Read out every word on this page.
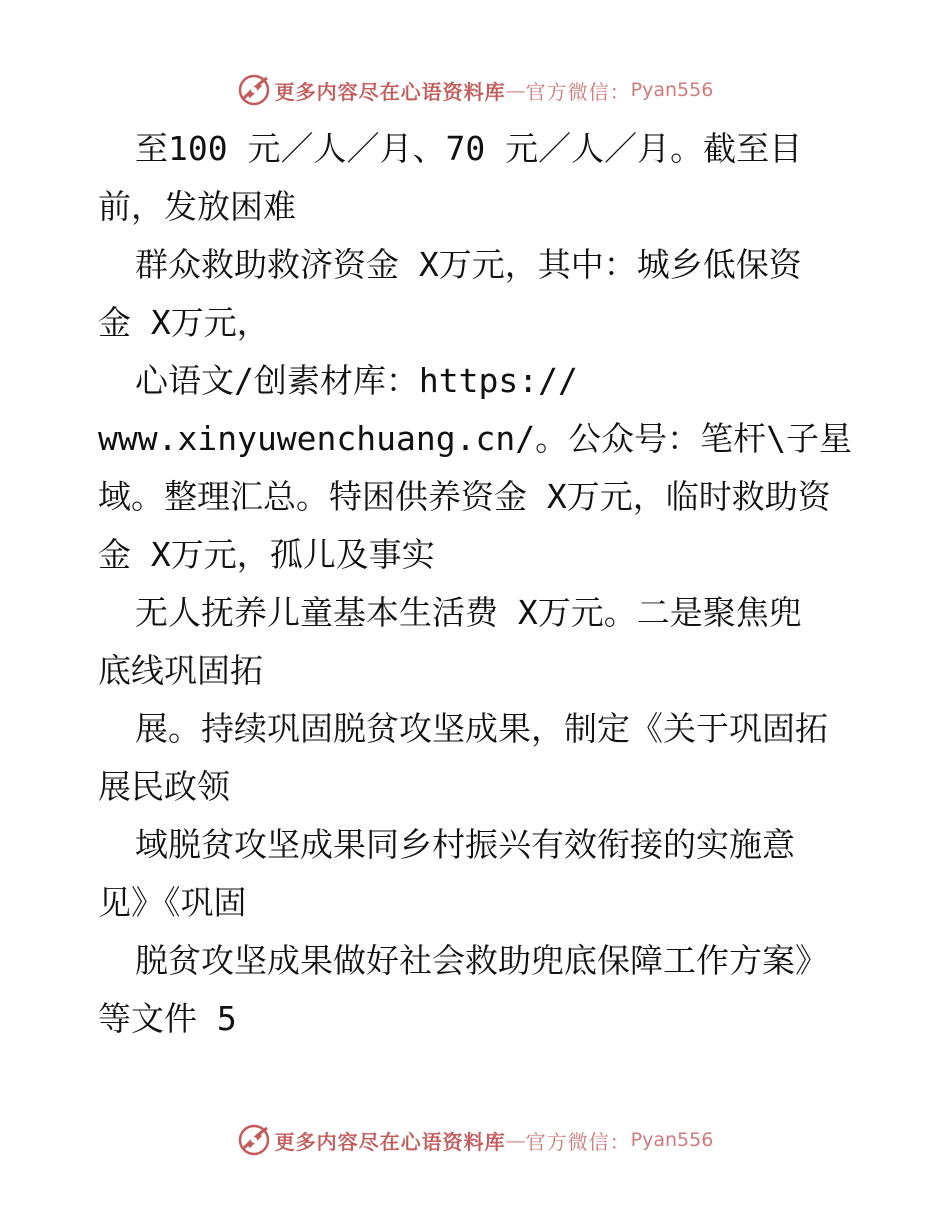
更多内容尽在心语资料库 — 官方微信： Pyan556
至100 元／人／月、70 元／人／月。截至目
前，发放困难
群众救助救济资金 X万元，其中：城乡低保资
金 X万元，
心语文/创素材库：https://
www.xinyuwenchuang.cn/。公众号：笔杆\子星
域。整理汇总。特困供养资金 X万元，临时救助资
金 X万元，孤儿及事实
无人抚养儿童基本生活费 X万元。二是聚焦兜
底线巩固拓
展。持续巩固脱贫攻坚成果，制定《关于巩固拓
展民政领
域脱贫攻坚成果同乡村振兴有效衔接的实施意
见》《巩固
脱贫攻坚成果做好社会救助兜底保障工作方案》
等文件 5
更多内容尽在心语资料库 — 官方微信： Pyan556
